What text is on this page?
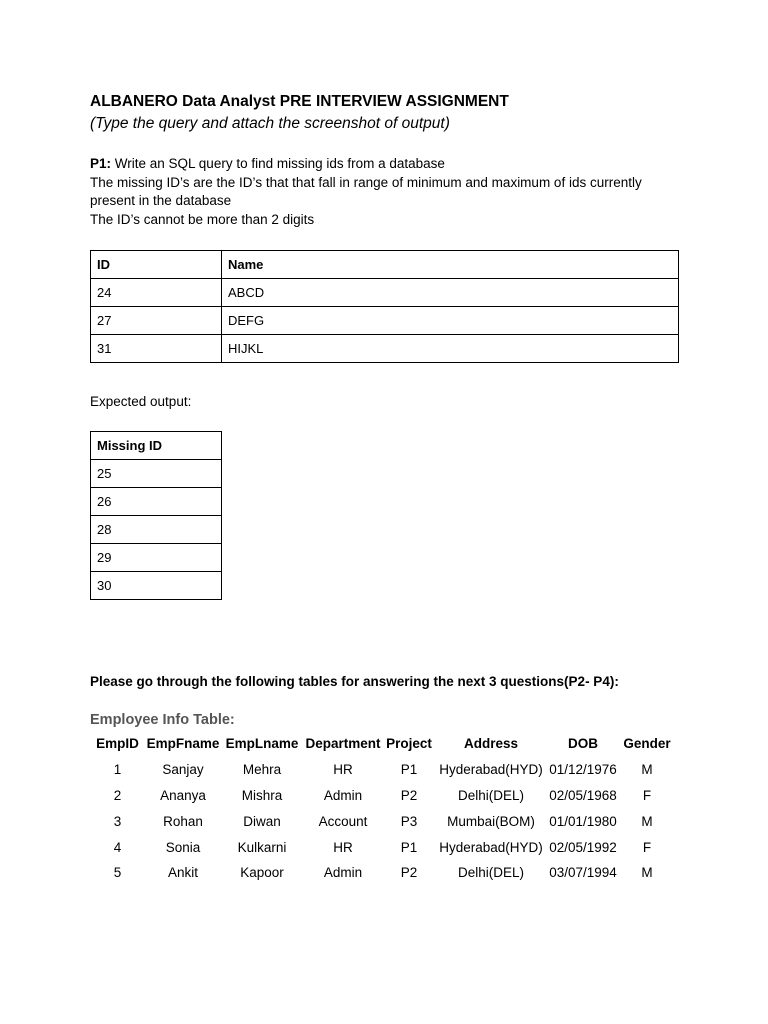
ALBANERO Data Analyst PRE INTERVIEW ASSIGNMENT
(Type the query and attach the screenshot of output)
P1: Write an SQL query to find missing ids from a database
The missing ID’s are the ID’s that that fall in range of minimum and maximum of ids currently
present in the database
The ID’s cannot be more than 2 digits
ID	Name
24	ABCD
27	DEFG
31	HIJKL
Expected output:
Missing ID
25
26
28
29
30
Please go through the following tables for answering the next 3 questions(P2- P4):
Employee Info Table:
EmpID	EmpFname	EmpLname	Department	Project	Address	DOB	Gender
1	Sanjay	Mehra	HR	P1	Hyderabad(HYD)	01/12/1976	M
2	Ananya	Mishra	Admin	P2	Delhi(DEL)	02/05/1968	F
3	Rohan	Diwan	Account	P3	Mumbai(BOM)	01/01/1980	M
4	Sonia	Kulkarni	HR	P1	Hyderabad(HYD)	02/05/1992	F
5	Ankit	Kapoor	Admin	P2	Delhi(DEL)	03/07/1994	M
